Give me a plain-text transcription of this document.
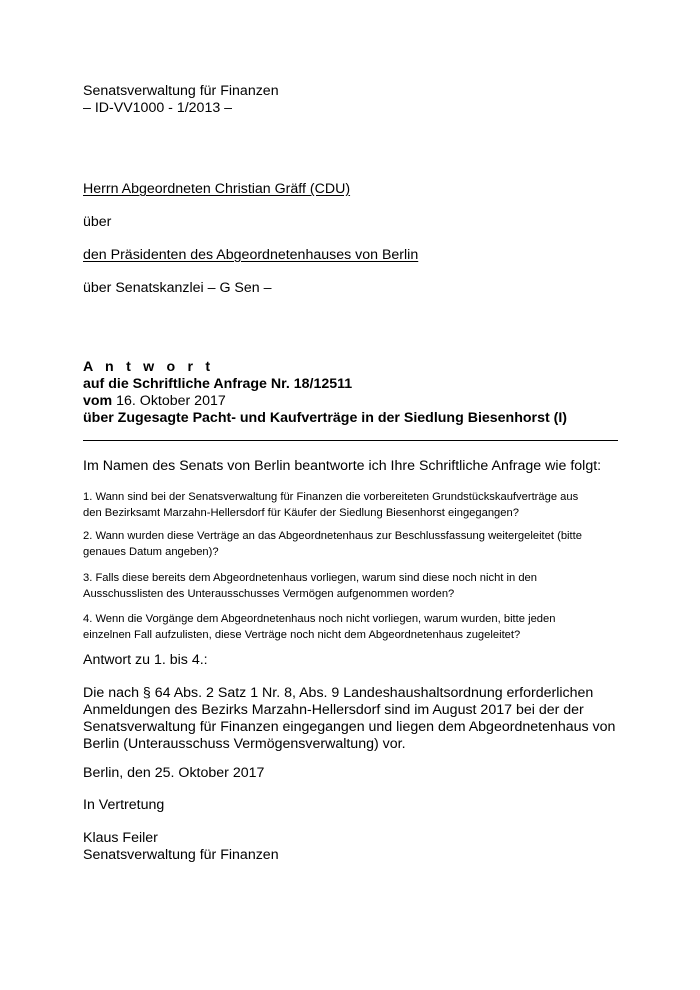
Senatsverwaltung für Finanzen
– ID-VV1000 - 1/2013 –
Herrn Abgeordneten Christian Gräff (CDU)
über
den Präsidenten des Abgeordnetenhauses von Berlin
über Senatskanzlei – G Sen –
A n t w o r t
auf die Schriftliche Anfrage Nr. 18/12511
vom 16. Oktober 2017
über Zugesagte Pacht- und Kaufverträge in der Siedlung Biesenhorst (I)
Im Namen des Senats von Berlin beantworte ich Ihre Schriftliche Anfrage wie folgt:
1. Wann sind bei der Senatsverwaltung für Finanzen die vorbereiteten Grundstückskaufverträge aus
den Bezirksamt Marzahn-Hellersdorf für Käufer der Siedlung Biesenhorst eingegangen?
2. Wann wurden diese Verträge an das Abgeordnetenhaus zur Beschlussfassung weitergeleitet (bitte
genaues Datum angeben)?
3. Falls diese bereits dem Abgeordnetenhaus vorliegen, warum sind diese noch nicht in den
Ausschusslisten des Unterausschusses Vermögen aufgenommen worden?
4. Wenn die Vorgänge dem Abgeordnetenhaus noch nicht vorliegen, warum wurden, bitte jeden
einzelnen Fall aufzulisten, diese Verträge noch nicht dem Abgeordnetenhaus zugeleitet?
Antwort zu 1. bis 4.:
Die nach § 64 Abs. 2 Satz 1 Nr. 8, Abs. 9 Landeshaushaltsordnung erforderlichen
Anmeldungen des Bezirks Marzahn-Hellersdorf sind im August 2017 bei der der
Senatsverwaltung für Finanzen eingegangen und liegen dem Abgeordnetenhaus von
Berlin (Unterausschuss Vermögensverwaltung) vor.
Berlin, den 25. Oktober 2017
In Vertretung
Klaus Feiler
Senatsverwaltung für Finanzen
